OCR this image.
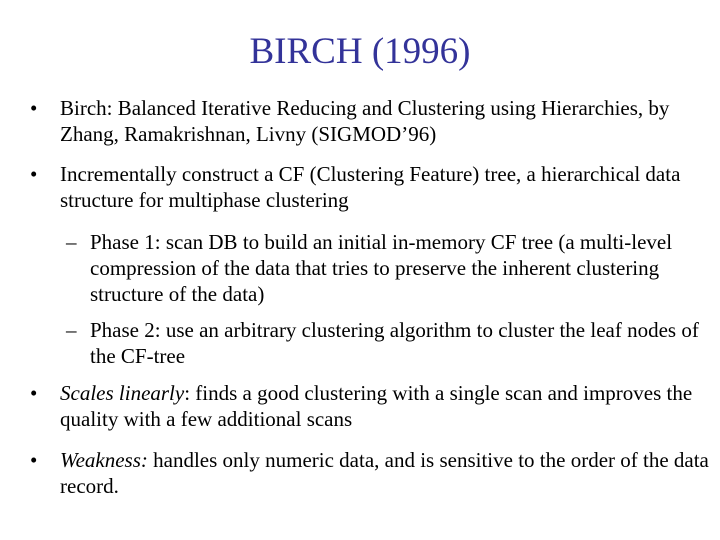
BIRCH (1996)
• Birch: Balanced Iterative Reducing and Clustering using Hierarchies, by Zhang, Ramakrishnan, Livny (SIGMOD’96)
• Incrementally construct a CF (Clustering Feature) tree, a hierarchical data structure for multiphase clustering
– Phase 1: scan DB to build an initial in-memory CF tree (a multi-level compression of the data that tries to preserve the inherent clustering structure of the data)
– Phase 2: use an arbitrary clustering algorithm to cluster the leaf nodes of the CF-tree
• Scales linearly: finds a good clustering with a single scan and improves the quality with a few additional scans
• Weakness: handles only numeric data, and is sensitive to the order of the data record.
